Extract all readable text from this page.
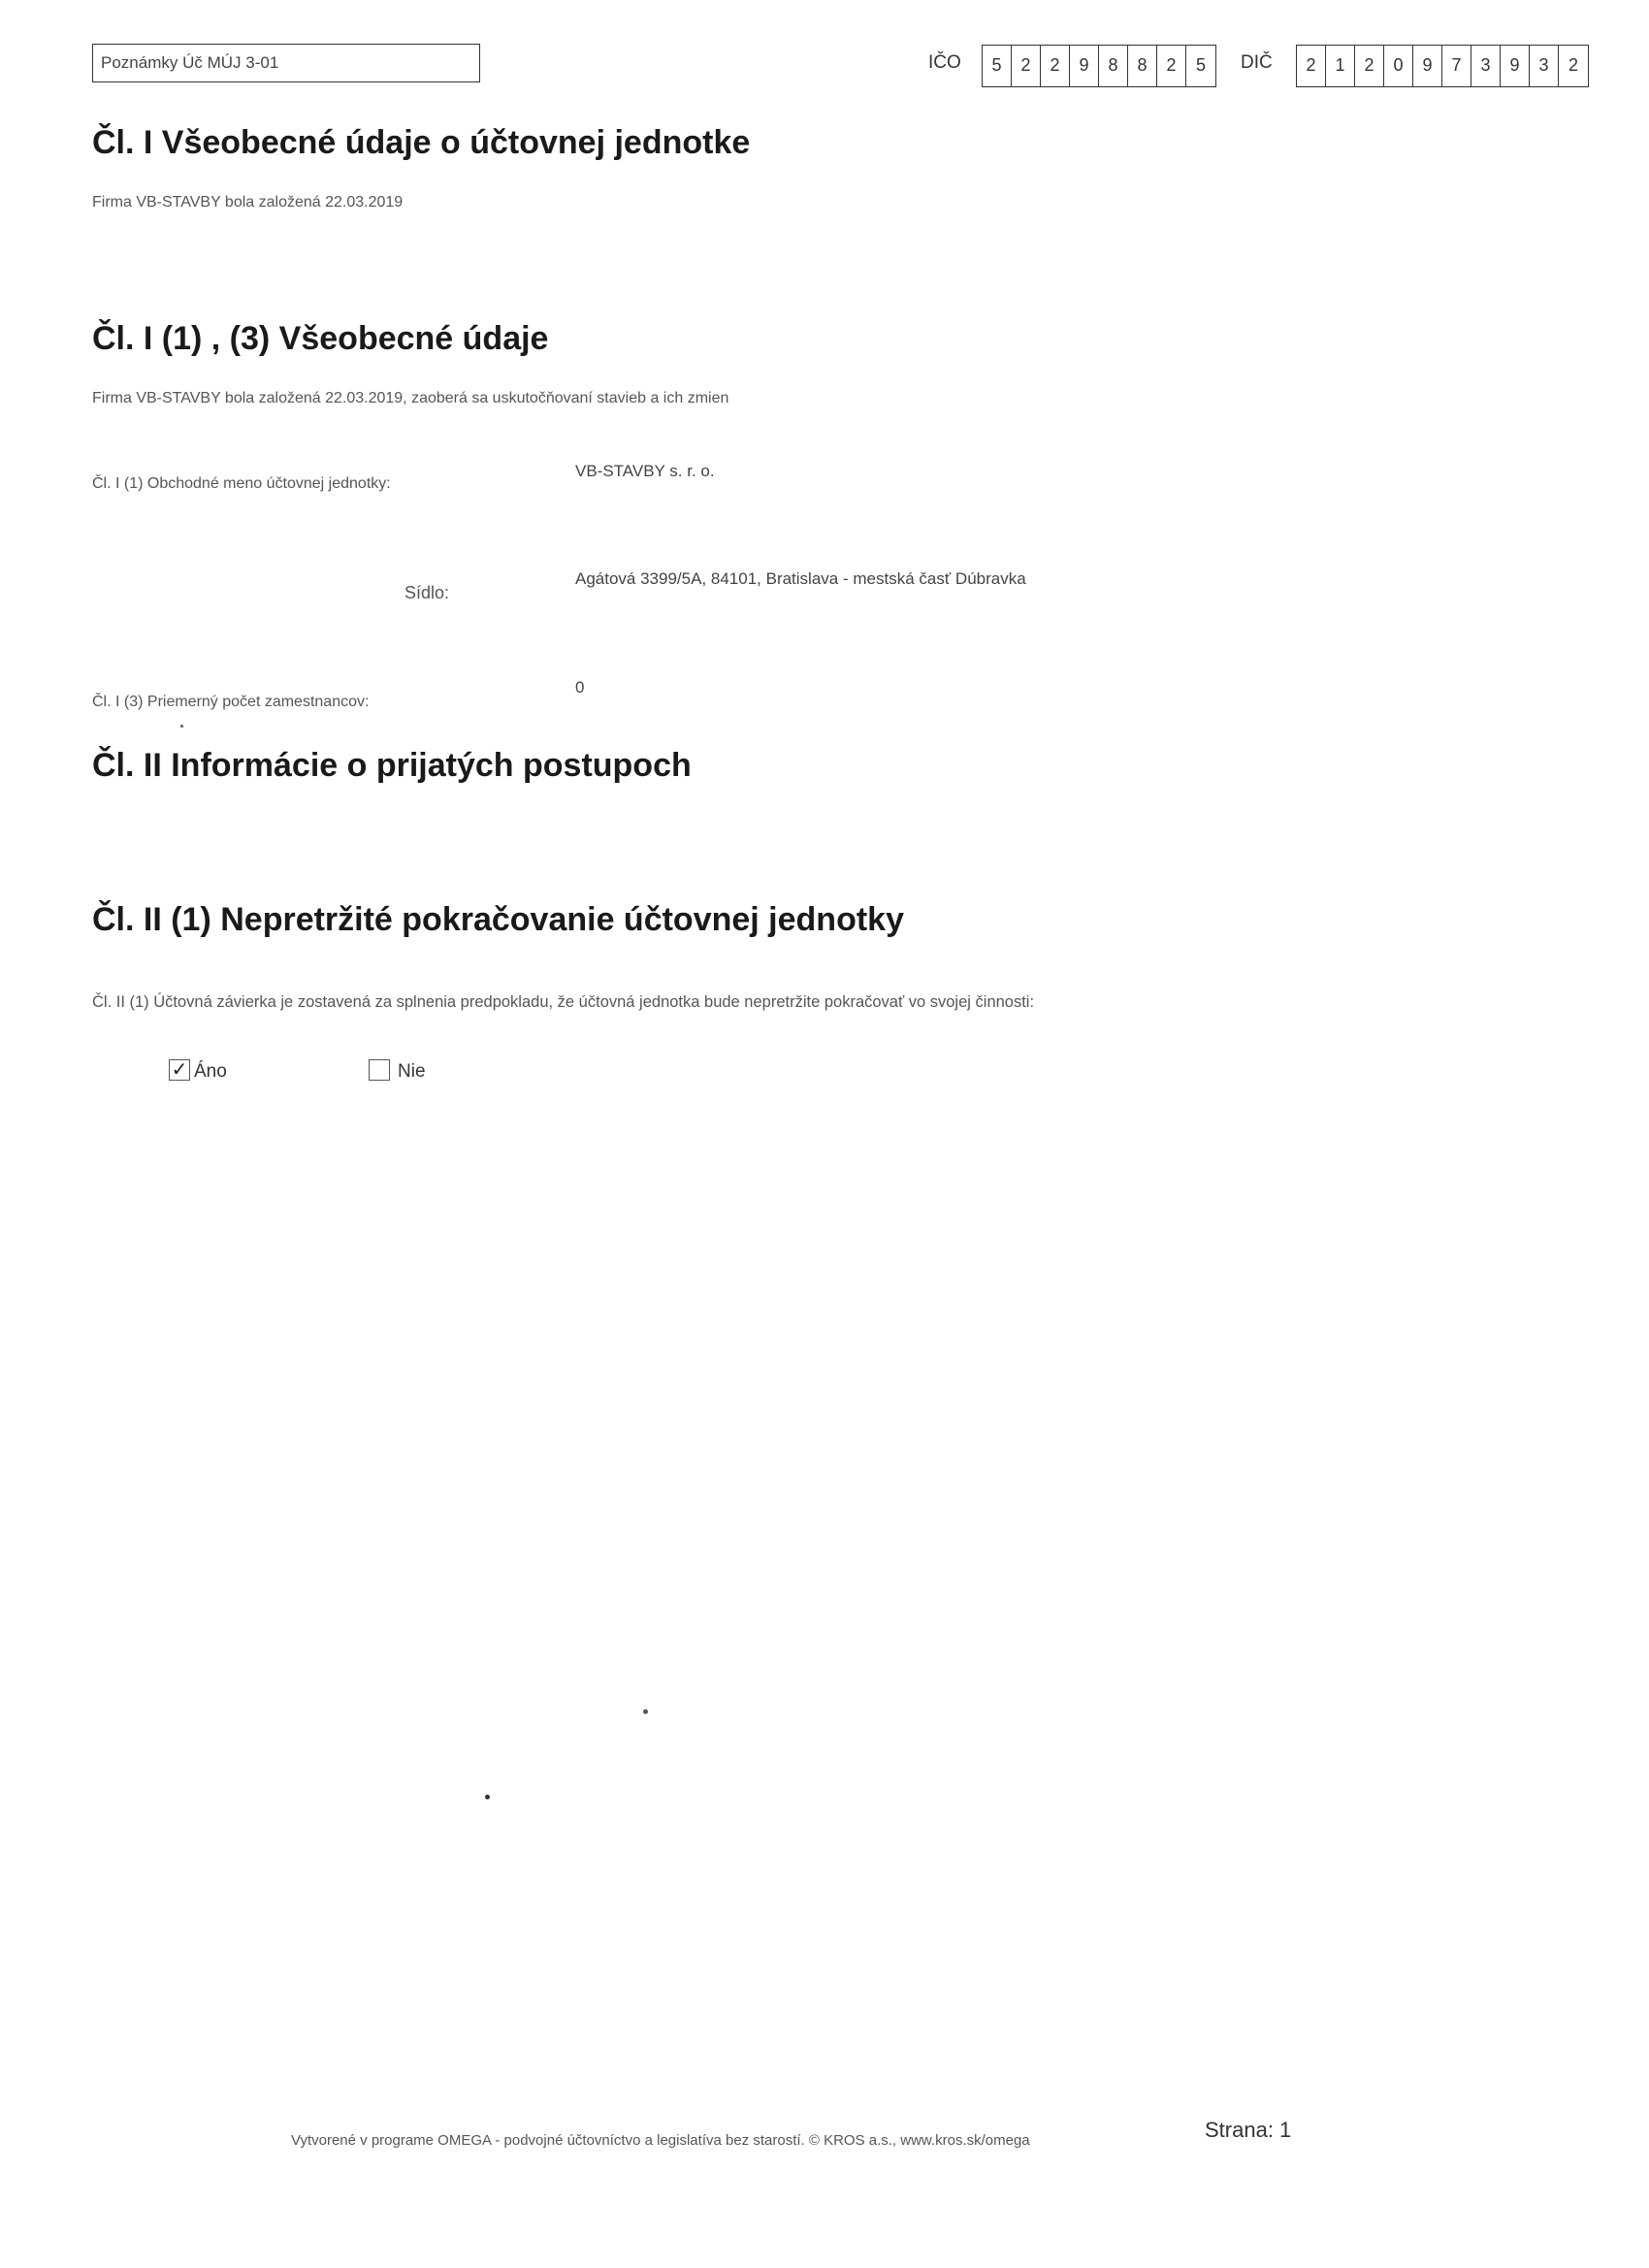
Poznámky Úč MÚJ 3-01	IČO	5	2	2	9	8	8	2	5	DIČ	2	1	2	0	9	7	3	9	3	2
Čl. I Všeobecné údaje o účtovnej jednotke
Firma VB-STAVBY bola založená 22.03.2019
Čl. I (1) , (3) Všeobecné údaje
Firma VB-STAVBY bola založená 22.03.2019, zaoberá sa uskutočňovaní stavieb a ich zmien
Čl. I (1) Obchodné meno účtovnej jednotky:
VB-STAVBY s. r. o.
Sídlo:
Agátová 3399/5A, 84101, Bratislava - mestská časť Dúbravka
Čl. I (3) Priemerný počet zamestnancov:
0
Čl. II Informácie o prijatých postupoch
Čl. II (1) Nepretržité pokračovanie účtovnej jednotky
Čl. II (1) Účtovná závierka je zostavená za splnenia predpokladu, že účtovná jednotka bude nepretržite pokračovať vo svojej činnosti:
✓ Áno	Nie
Vytvorené v programe OMEGA - podvojné účtovníctvo a legislatíva bez starostí. © KROS a.s., www.kros.sk/omega	Strana: 1
